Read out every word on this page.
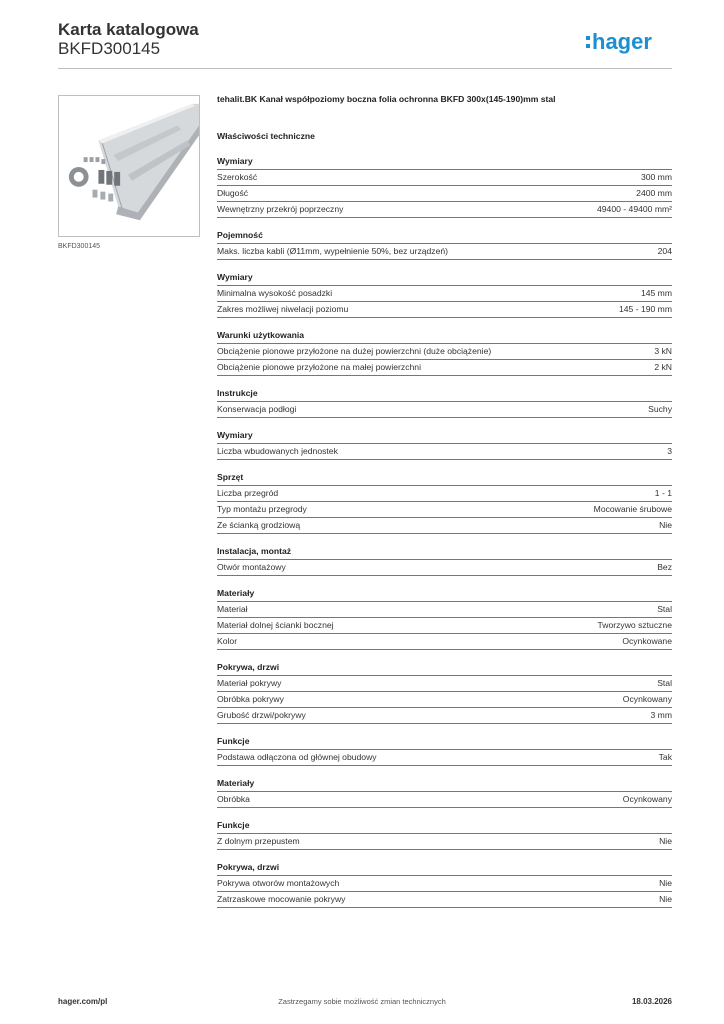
Karta katalogowa
BKFD300145	hager
BKFD300145
tehalit.BK Kanał współpoziomy boczna folia ochronna BKFD 300x(145-190)mm stal
Właściwości techniczne
Wymiary
Szerokość	300 mm
Długość	2400 mm
Wewnętrzny przekrój poprzeczny	49400 - 49400 mm²
Pojemność
Maks. liczba kabli (Ø11mm, wypełnienie 50%, bez urządzeń)	204
Wymiary
Minimalna wysokość posadzki	145 mm
Zakres możliwej niwelacji poziomu	145 - 190 mm
Warunki użytkowania
Obciążenie pionowe przyłożone na dużej powierzchni (duże obciążenie)	3 kN
Obciążenie pionowe przyłożone na małej powierzchni	2 kN
Instrukcje
Konserwacja podłogi	Suchy
Wymiary
Liczba wbudowanych jednostek	3
Sprzęt
Liczba przegród	1 - 1
Typ montażu przegrody	Mocowanie śrubowe
Ze ścianką grodziową	Nie
Instalacja, montaż
Otwór montażowy	Bez
Materiały
Materiał	Stal
Materiał dolnej ścianki bocznej	Tworzywo sztuczne
Kolor	Ocynkowane
Pokrywa, drzwi
Materiał pokrywy	Stal
Obróbka pokrywy	Ocynkowany
Grubość drzwi/pokrywy	3 mm
Funkcje
Podstawa odłączona od głównej obudowy	Tak
Materiały
Obróbka	Ocynkowany
Funkcje
Z dolnym przepustem	Nie
Pokrywa, drzwi
Pokrywa otworów montażowych	Nie
Zatrzaskowe mocowanie pokrywy	Nie
hager.com/pl	Zastrzegamy sobie możliwość zmian technicznych	18.03.2026
